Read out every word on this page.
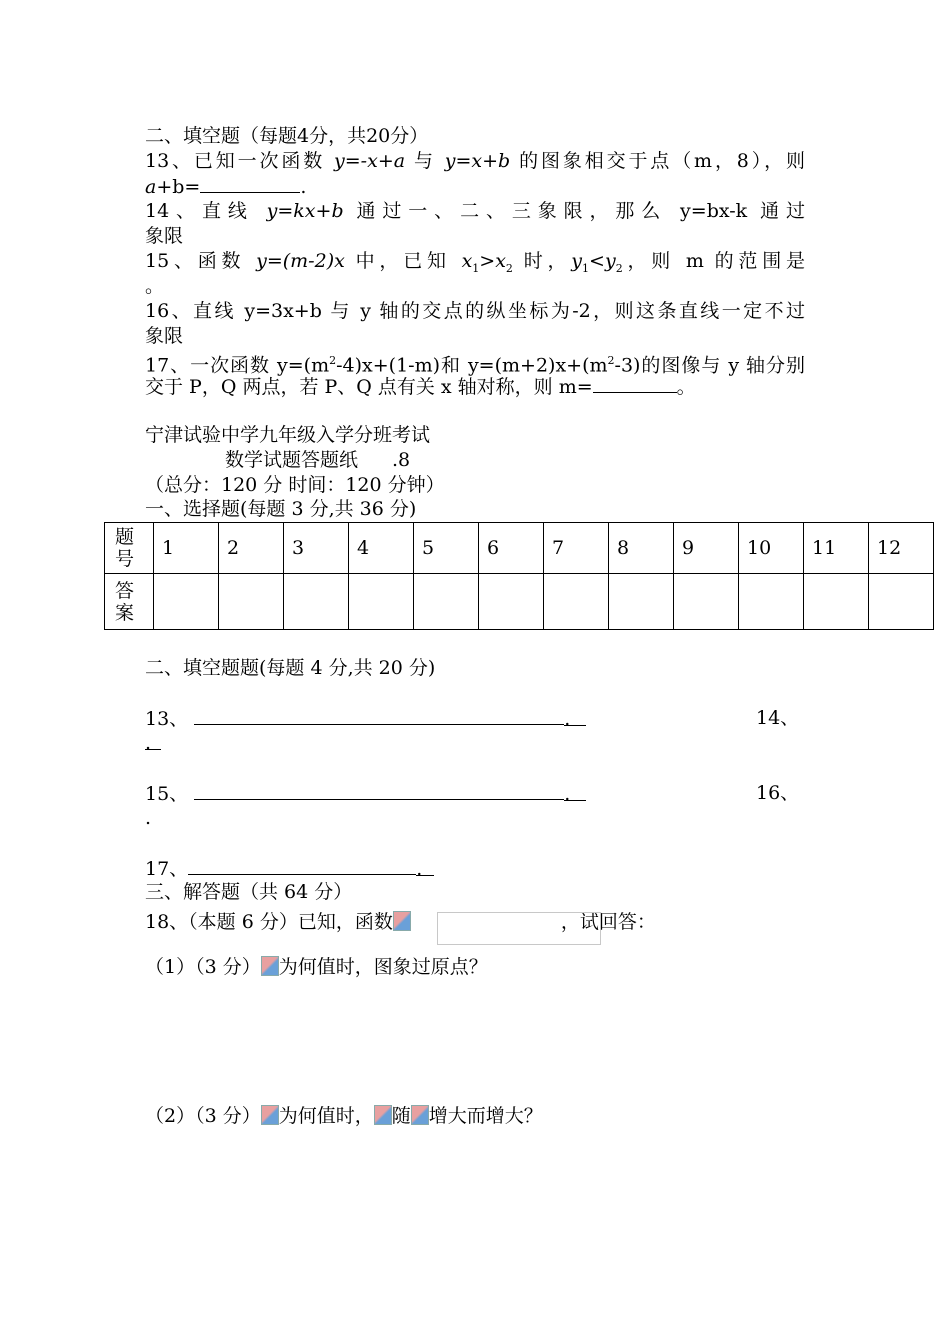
二、填空题（每题4分，共20分）
13、已知一次函数 y=-x+a 与 y=x+b 的图象相交于点（m，8），则
a+b=	.
14、直线 y=kx+b 通过一、二、三象限，那么 y=bx-k 通过
象限
15、函数 y=(m-2)x 中，已知 $x_1>x_2$ 时，$y_1<y_2$，则 m 的范围是
。
16、直线 y=3x+b 与 y 轴的交点的纵坐标为-2，则这条直线一定不过
象限
17、一次函数 $y=(m^2-4)x+(1-m)$和 $y=(m+2)x+(m^2-3)$的图像与 y 轴分别
交于 P，Q 两点，若 P、Q 点有关 x 轴对称，则 m=	。
宁津试验中学九年级入学分班考试
数学试题答题纸 .8
（总分：120 分 时间：120 分钟）
一、选择题(每题 3 分,共 36 分)
题
号	1	2	3	4	5	6	7	8	9	10	11	12
答
案												
二、填空题题(每题 4 分,共 20 分)
13、	.	14、
.
15、	.	16、
.
17、	.
三、解答题（共 64 分）
18、（本题 6 分）已知，函数	，试回答：
（1）（3 分） 为何值时，图象过原点？
（2）（3 分） 为何值时， 随 增大而增大？
